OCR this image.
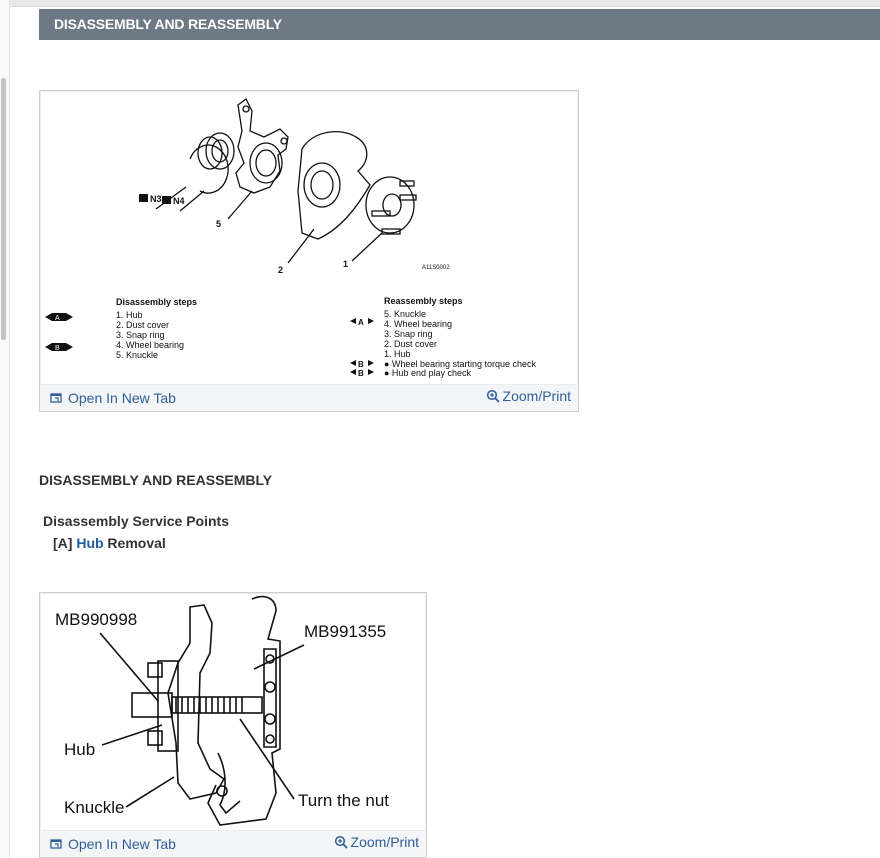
DISASSEMBLY AND REASSEMBLY
N3 N4
5
2
1	A11S0002
Disassembly steps
A
B
1. Hub
2. Dust cover
3. Snap ring
4. Wheel bearing
5. Knuckle
Reassembly steps
A
B
B
5. Knuckle
4. Wheel bearing
3. Snap ring
2. Dust cover
1. Hub
● Wheel bearing starting torque check
● Hub end play check
Open In New Tab	Zoom/Print
DISASSEMBLY AND REASSEMBLY
Disassembly Service Points
[A] Hub Removal
MB990998
MB991355
Hub
Knuckle	Turn the nut
Open In New Tab	Zoom/Print
